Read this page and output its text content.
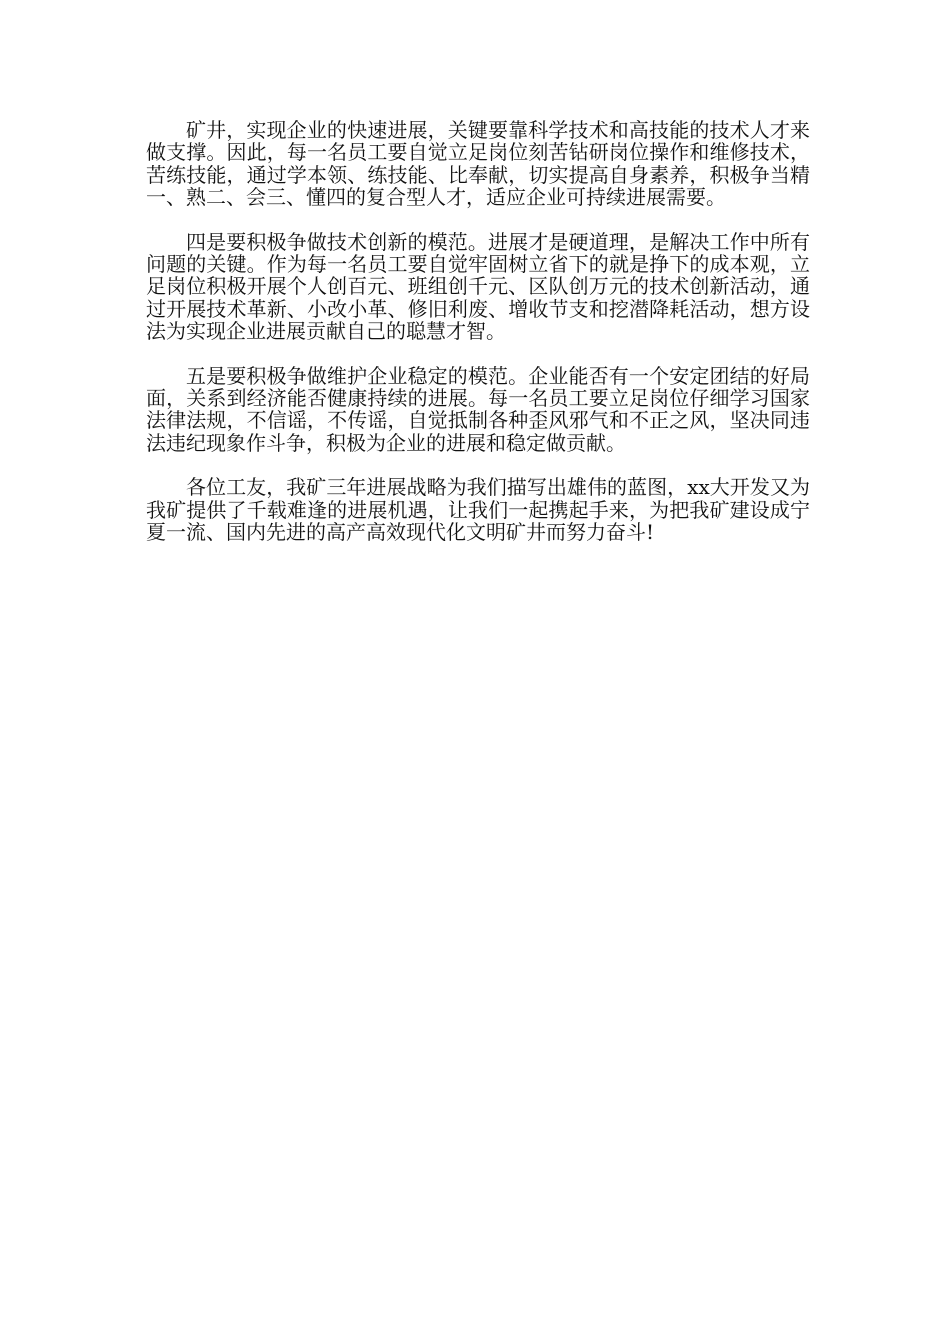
矿井，实现企业的快速进展，关键要靠科学技术和高技能的技术人才来做支撑。因此，每一名员工要自觉立足岗位刻苦钻研岗位操作和维修技术，苦练技能，通过学本领、练技能、比奉献，切实提高自身素养，积极争当精一、熟二、会三、懂四的复合型人才，适应企业可持续进展需要。

四是要积极争做技术创新的模范。进展才是硬道理，是解决工作中所有问题的关键。作为每一名员工要自觉牢固树立省下的就是挣下的成本观，立足岗位积极开展个人创百元、班组创千元、区队创万元的技术创新活动，通过开展技术革新、小改小革、修旧利废、增收节支和挖潜降耗活动，想方设法为实现企业进展贡献自己的聪慧才智。

五是要积极争做维护企业稳定的模范。企业能否有一个安定团结的好局面，关系到经济能否健康持续的进展。每一名员工要立足岗位仔细学习国家法律法规，不信谣，不传谣，自觉抵制各种歪风邪气和不正之风，坚决同违法违纪现象作斗争，积极为企业的进展和稳定做贡献。

各位工友，我矿三年进展战略为我们描写出雄伟的蓝图，xx大开发又为我矿提供了千载难逢的进展机遇，让我们一起携起手来，为把我矿建设成宁夏一流、国内先进的高产高效现代化文明矿井而努力奋斗!
